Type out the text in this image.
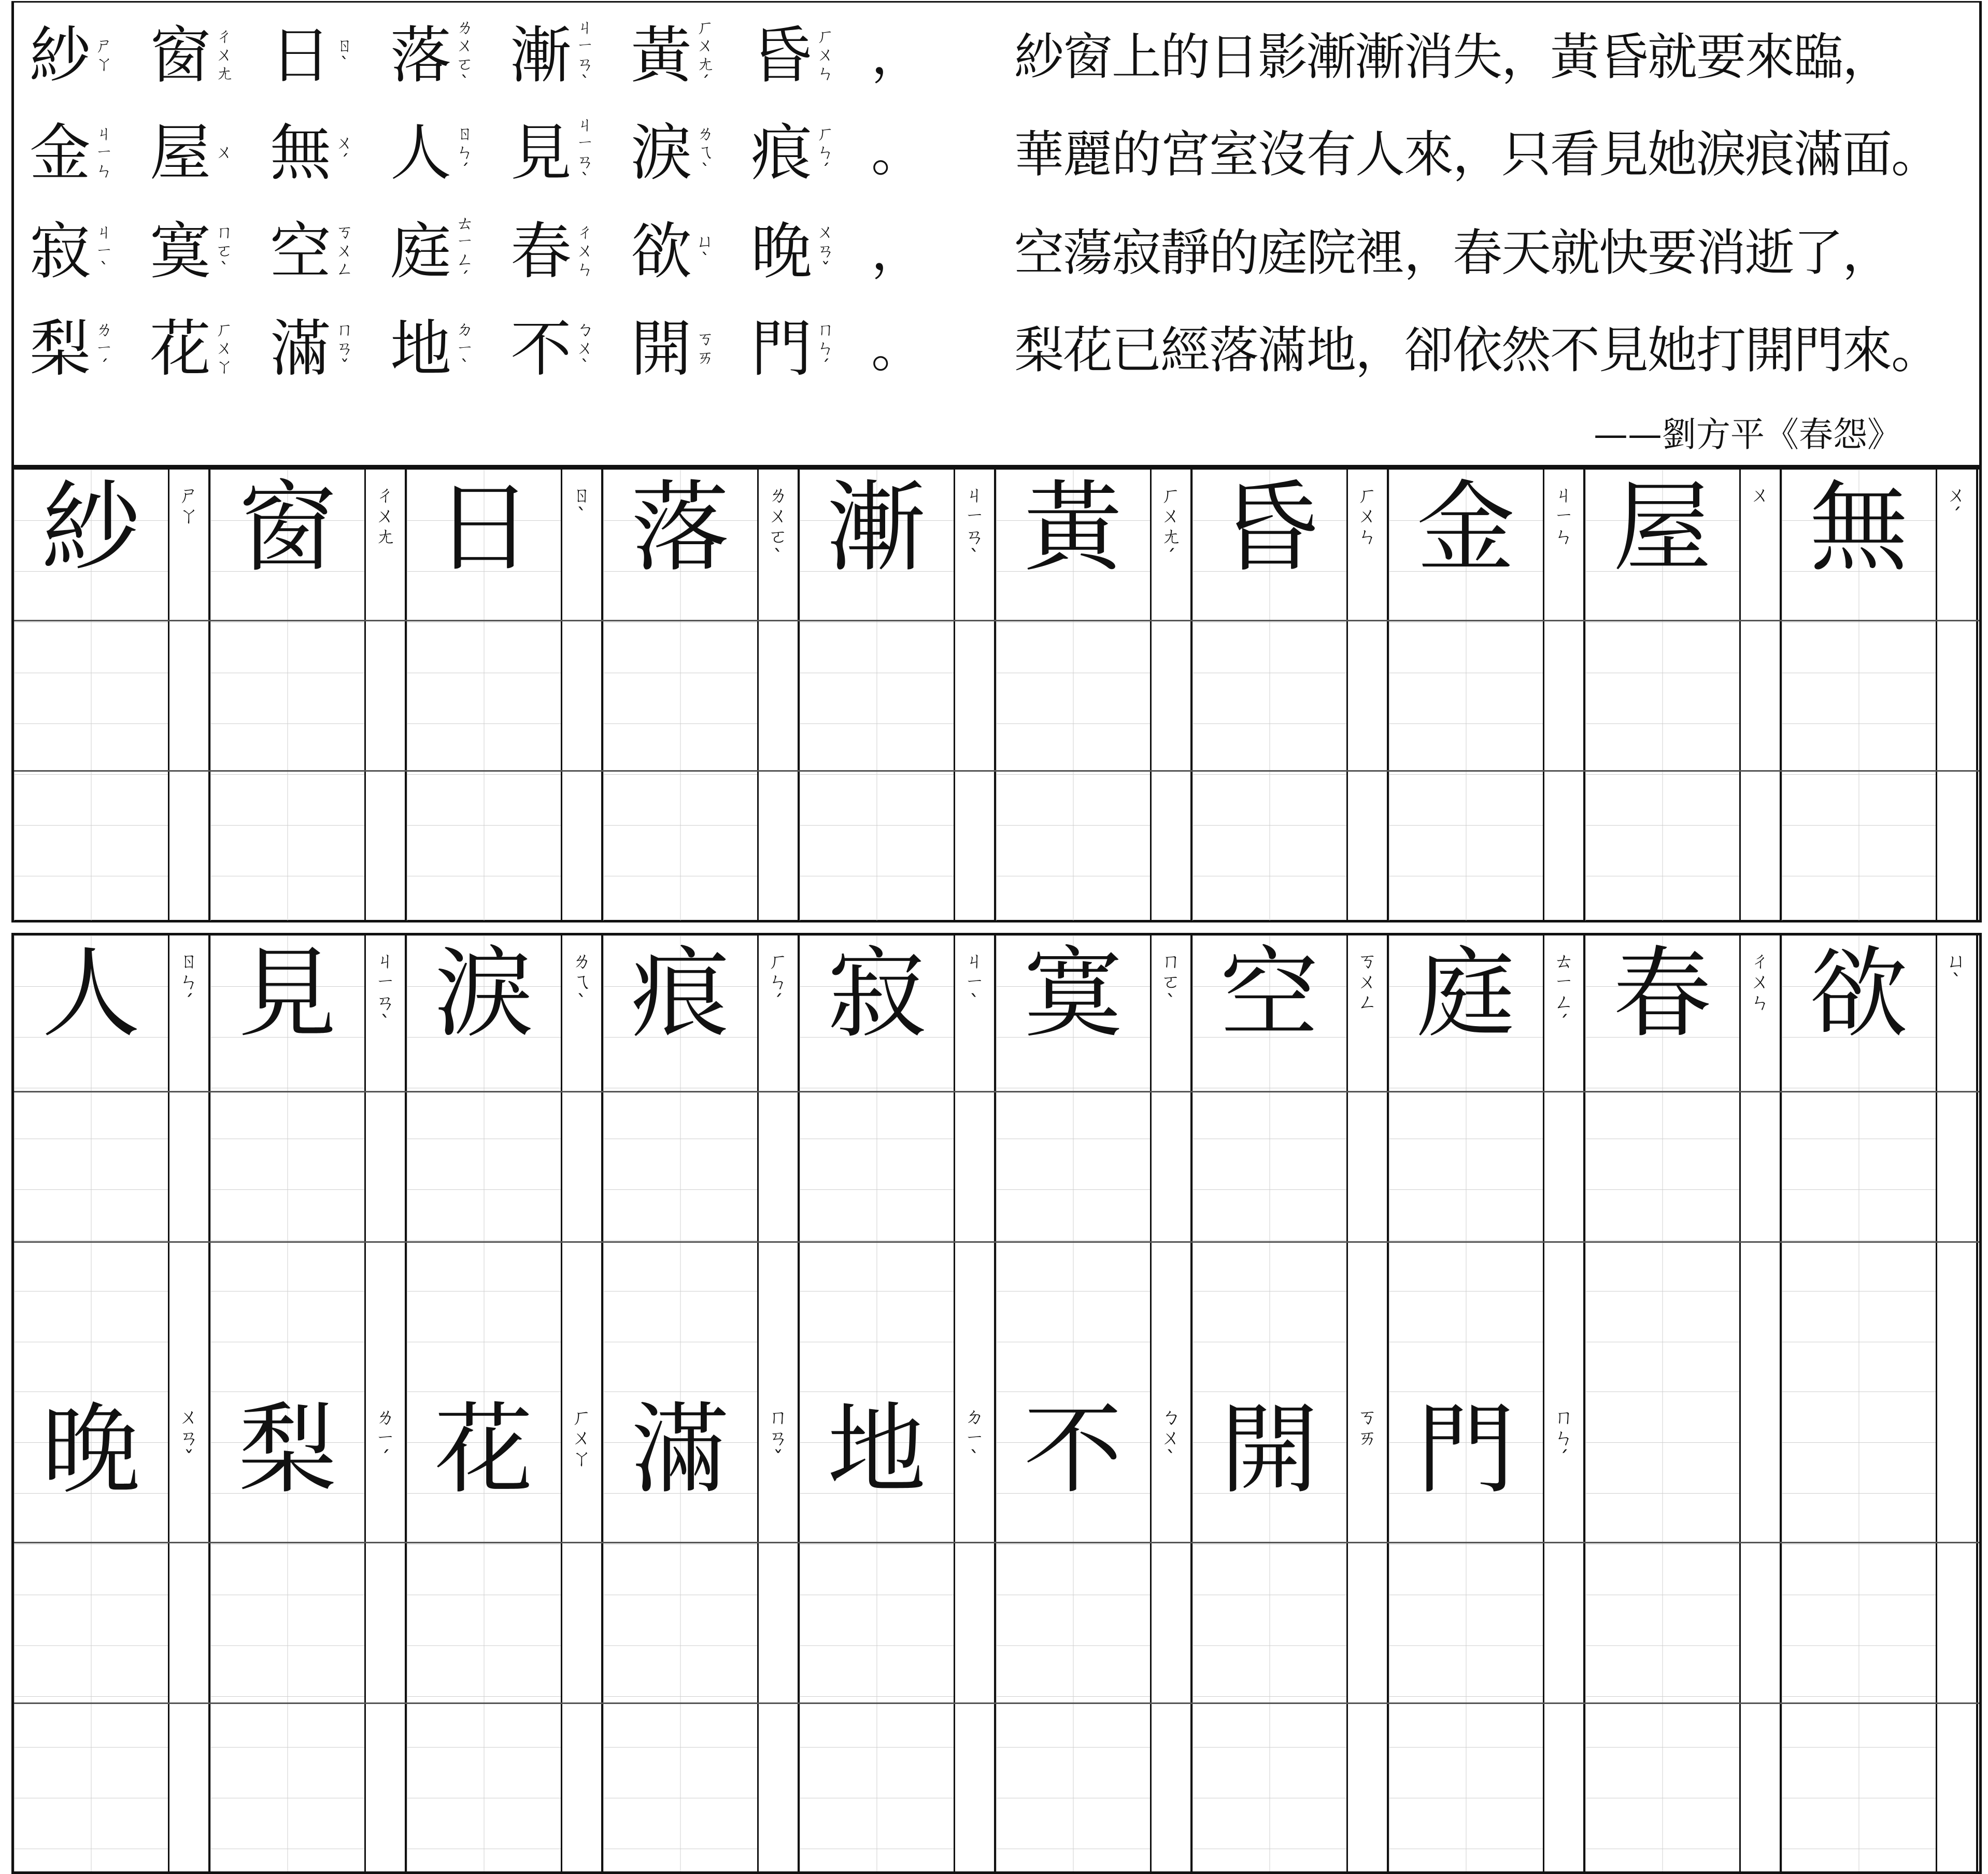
紗 ㄕㄚ 窗 ㄔㄨㄤ 日 ㄖˋ 落 ㄌㄨㄛˋ 漸 ㄐㄧㄢˋ 黃 ㄏㄨㄤˊ 昏 ㄏㄨㄣ ， 紗窗上的日影漸漸消失，黃昏就要來臨，
金 ㄐㄧㄣ 屋 ㄨ 無 ㄨˊ 人 ㄖㄣˊ 見 ㄐㄧㄢˋ 淚 ㄌㄟˋ 痕 ㄏㄣˊ 。 華麗的宮室沒有人來，只看見她淚痕滿面。
寂 ㄐㄧˋ 寞 ㄇㄛˋ 空 ㄎㄨㄥ 庭 ㄊㄧㄥˊ 春 ㄔㄨㄣ 欲 ㄩˋ 晚 ㄨㄢˇ ， 空蕩寂靜的庭院裡，春天就快要消逝了，
梨 ㄌㄧˊ 花 ㄏㄨㄚ 滿 ㄇㄢˇ 地 ㄉㄧˋ 不 ㄅㄨˋ 開 ㄎㄞ 門 ㄇㄣˊ 。 梨花已經落滿地，卻依然不見她打開門來。
——劉方平《春怨》
紗	ㄕㄚ 窗	ㄔㄨㄤ 日	ㄖˋ 落	ㄌㄨㄛˋ 漸	ㄐㄧㄢˋ 黃	ㄏㄨㄤˊ 昏	ㄏㄨㄣ 金	ㄐㄧㄣ 屋	ㄨ 無	ㄨˊ
人	ㄖㄣˊ 見	ㄐㄧㄢˋ 淚	ㄌㄟˋ 痕	ㄏㄣˊ 寂	ㄐㄧˋ 寞	ㄇㄛˋ 空	ㄎㄨㄥ 庭	ㄊㄧㄥˊ 春	ㄔㄨㄣ 欲	ㄩˋ
晚	ㄨㄢˇ 梨	ㄌㄧˊ 花	ㄏㄨㄚ 滿	ㄇㄢˇ 地	ㄉㄧˋ 不	ㄅㄨˋ 開	ㄎㄞ 門	ㄇㄣˊ
